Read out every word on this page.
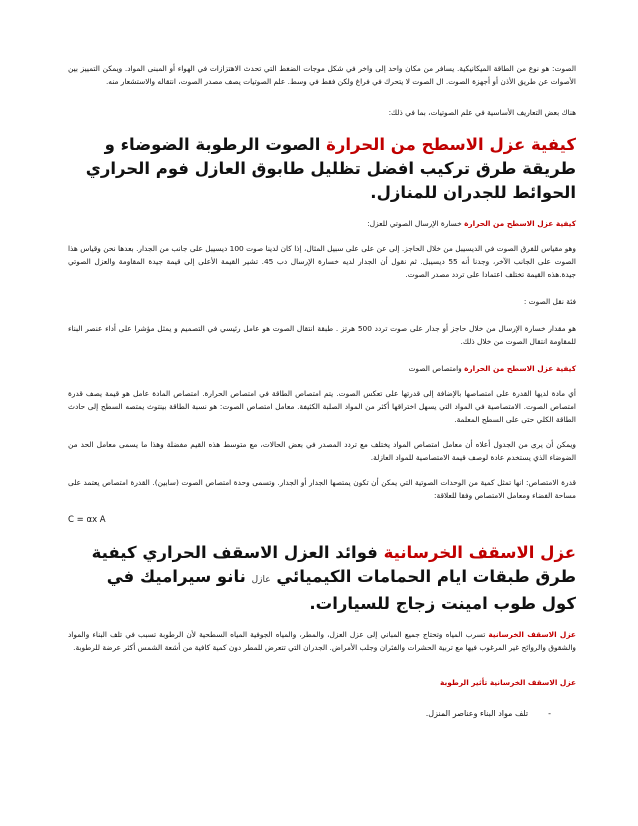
الصوت: هو نوع من الطاقة الميكانيكية. يسافر من مكان واحد إلى واخر في شكل موجات الضغط التي تحدث الاهتزازات في الهواء أو المبنى المواد. ويمكن التمييز بين الأصوات عن طريق الأذن أو أجهزة الصوت. ال الصوت لا يتحرك في فراغ ولكن فقط في وسط. علم الصوتيات يصف مصدر الصوت، انتقاله والاستشعار منه.

هناك بعض التعاريف الأساسية في علم الصوتيات، بما في ذلك:

كيفية عزل الاسطح من الحرارة الصوت الرطوبة الضوضاء و طريقة طرق تركيب افضل تظليل طابوق العازل فوم الحراري الحوائط للجدران للمنازل.

كيفية عزل الاسطح من الحرارة خسارة الإرسال الصوتي للعزل:

وهو مقياس للفرق الصوت في الديسيبل من خلال الحاجز. إلى عن على على سبيل المثال، إذا كان لدينا صوت 100 ديسيبل على جانب من الجدار. بعدها نحن وقياس هذا الصوت على الجانب الآخر، وجدنا أنه 55 ديسيبل. ثم نقول أن الجدار لديه خسارة الإرسال دب 45. تشير القيمة الأعلى إلى قيمة جيدة المقاومة والعزل الصوتي جيدة.هذه القيمة تختلف اعتمادا على تردد مصدر الصوت.

فئة نقل الصوت :

هو مقدار خسارة الإرسال من خلال حاجز أو جدار على صوت تردد 500 هرتز . طبقة انتقال الصوت هو عامل رئيسي في التصميم و يمثل مؤشرا على أداء عنصر البناء للمقاومة انتقال الصوت من خلال ذلك.

كيفية عزل الاسطح من الحرارة وامتصاص الصوت

أي مادة لديها القدرة على امتصاصها بالإضافة إلى قدرتها على تعكس الصوت. يتم امتصاص الطاقة في امتصاص الحرارة. امتصاص المادة عامل هو قيمة يصف قدرة امتصاص الصوت. الامتصاصية في المواد التي يسهل اختراقها أكثر من المواد الصلبة الكثيفة. معامل امتصاص الصوت: هو نسبة الطاقة بينتوث يمتصه السطح إلى حادث الطاقة الكلي حتى على السطح المعلمة.

ويمكن أن يرى من الجدول أعلاه أن معامل امتصاص المواد يختلف مع تردد المصدر في بعض الحالات، مع متوسط هذه القيم مفضلة وهذا ما يسمى معامل الحد من الضوضاء الذي يستخدم عادة لوصف قيمة الامتصاصية للمواد العازلة.

قدرة الامتصاص: انها تمثل كمية من الوحدات الصوتية التي يمكن أن تكون يمتصها الجدار أو الجدار. وتسمى وحدة امتصاص الصوت (سابين). القدرة امتصاص يعتمد على مساحة الفضاء ومعامل الامتصاص وفقا للعلاقة:

C = αx A

عزل الاسقف الخرسانية فوائد العزل الاسقف الحراري كيفية طرق طبقات ايام الحمامات الكيميائي عازل نانو سيراميك في كول طوب امينت زجاج للسيارات.

عزل الاسقف الخرسانية تسرب المياه وتحتاج جميع المباني إلى عزل العزل، والمطر، والمياه الجوفية المياه السطحية لأن الرطوبة تسبب في تلف البناء والمواد والشقوق والروائح غير المرغوب فيها مع تربية الحشرات والفئران وجلب الأمراض. الجدران التي تتعرض للمطر دون كمية كافية من أشعة الشمس أكثر عرضة للرطوبة.

عزل الاسقف الخرسانية تأثير الرطوبة

-تلف مواد البناء وعناصر المنزل.
